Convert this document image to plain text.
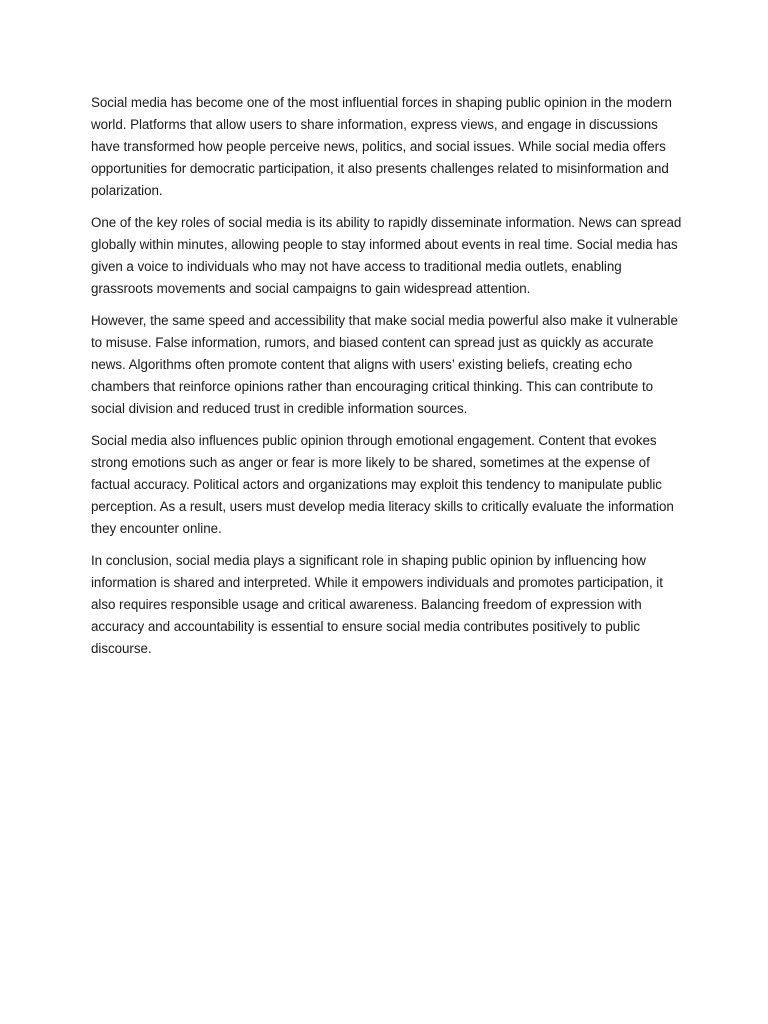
Social media has become one of the most influential forces in shaping public opinion in the modern world. Platforms that allow users to share information, express views, and engage in discussions have transformed how people perceive news, politics, and social issues. While social media offers opportunities for democratic participation, it also presents challenges related to misinformation and polarization.

One of the key roles of social media is its ability to rapidly disseminate information. News can spread globally within minutes, allowing people to stay informed about events in real time. Social media has given a voice to individuals who may not have access to traditional media outlets, enabling grassroots movements and social campaigns to gain widespread attention.

However, the same speed and accessibility that make social media powerful also make it vulnerable to misuse. False information, rumors, and biased content can spread just as quickly as accurate news. Algorithms often promote content that aligns with users’ existing beliefs, creating echo chambers that reinforce opinions rather than encouraging critical thinking. This can contribute to social division and reduced trust in credible information sources.

Social media also influences public opinion through emotional engagement. Content that evokes strong emotions such as anger or fear is more likely to be shared, sometimes at the expense of factual accuracy. Political actors and organizations may exploit this tendency to manipulate public perception. As a result, users must develop media literacy skills to critically evaluate the information they encounter online.

In conclusion, social media plays a significant role in shaping public opinion by influencing how information is shared and interpreted. While it empowers individuals and promotes participation, it also requires responsible usage and critical awareness. Balancing freedom of expression with accuracy and accountability is essential to ensure social media contributes positively to public discourse.
